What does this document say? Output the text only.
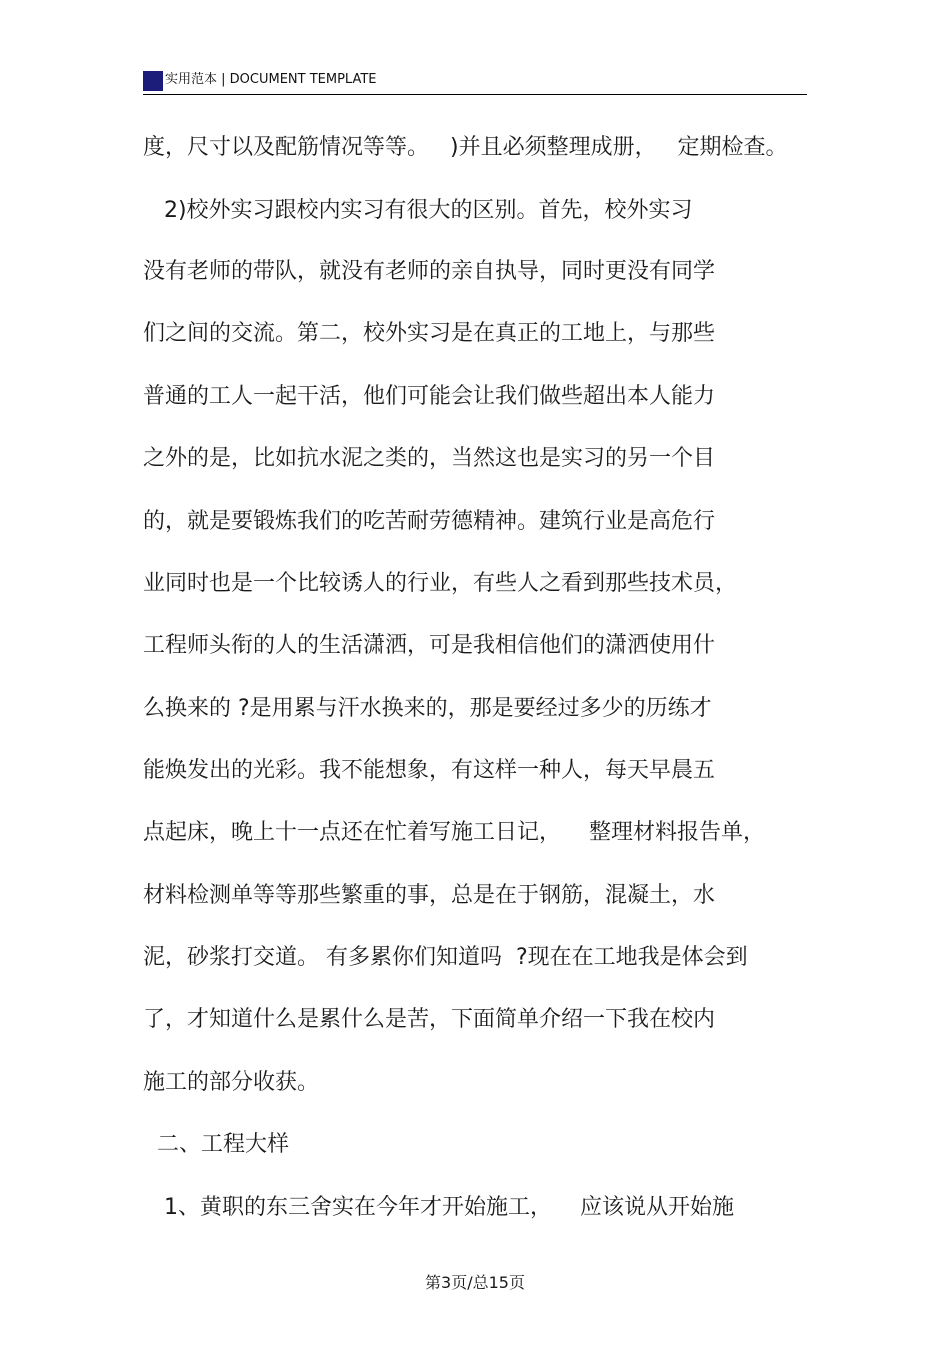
实用范本 | DOCUMENT TEMPLATE
度，尺寸以及配筋情况等等。   )并且必须整理成册，   定期检查。
2)校外实习跟校内实习有很大的区别。首先，校外实习
没有老师的带队，就没有老师的亲自执导，同时更没有同学
们之间的交流。第二，校外实习是在真正的工地上，与那些
普通的工人一起干活，他们可能会让我们做些超出本人能力
之外的是，比如抗水泥之类的，当然这也是实习的另一个目
的，就是要锻炼我们的吃苦耐劳德精神。建筑行业是高危行
业同时也是一个比较诱人的行业，有些人之看到那些技术员，
工程师头衔的人的生活潇洒，可是我相信他们的潇洒使用什
么换来的 ?是用累与汗水换来的，那是要经过多少的历练才
能焕发出的光彩。我不能想象，有这样一种人，每天早晨五
点起床，晚上十一点还在忙着写施工日记，    整理材料报告单，
材料检测单等等那些繁重的事，总是在于钢筋，混凝土，水
泥，砂浆打交道。 有多累你们知道吗  ?现在在工地我是体会到
了，才知道什么是累什么是苦，下面简单介绍一下我在校内
施工的部分收获。
二、工程大样
1、黄职的东三舍实在今年才开始施工，    应该说从开始施
第3页/总15页
